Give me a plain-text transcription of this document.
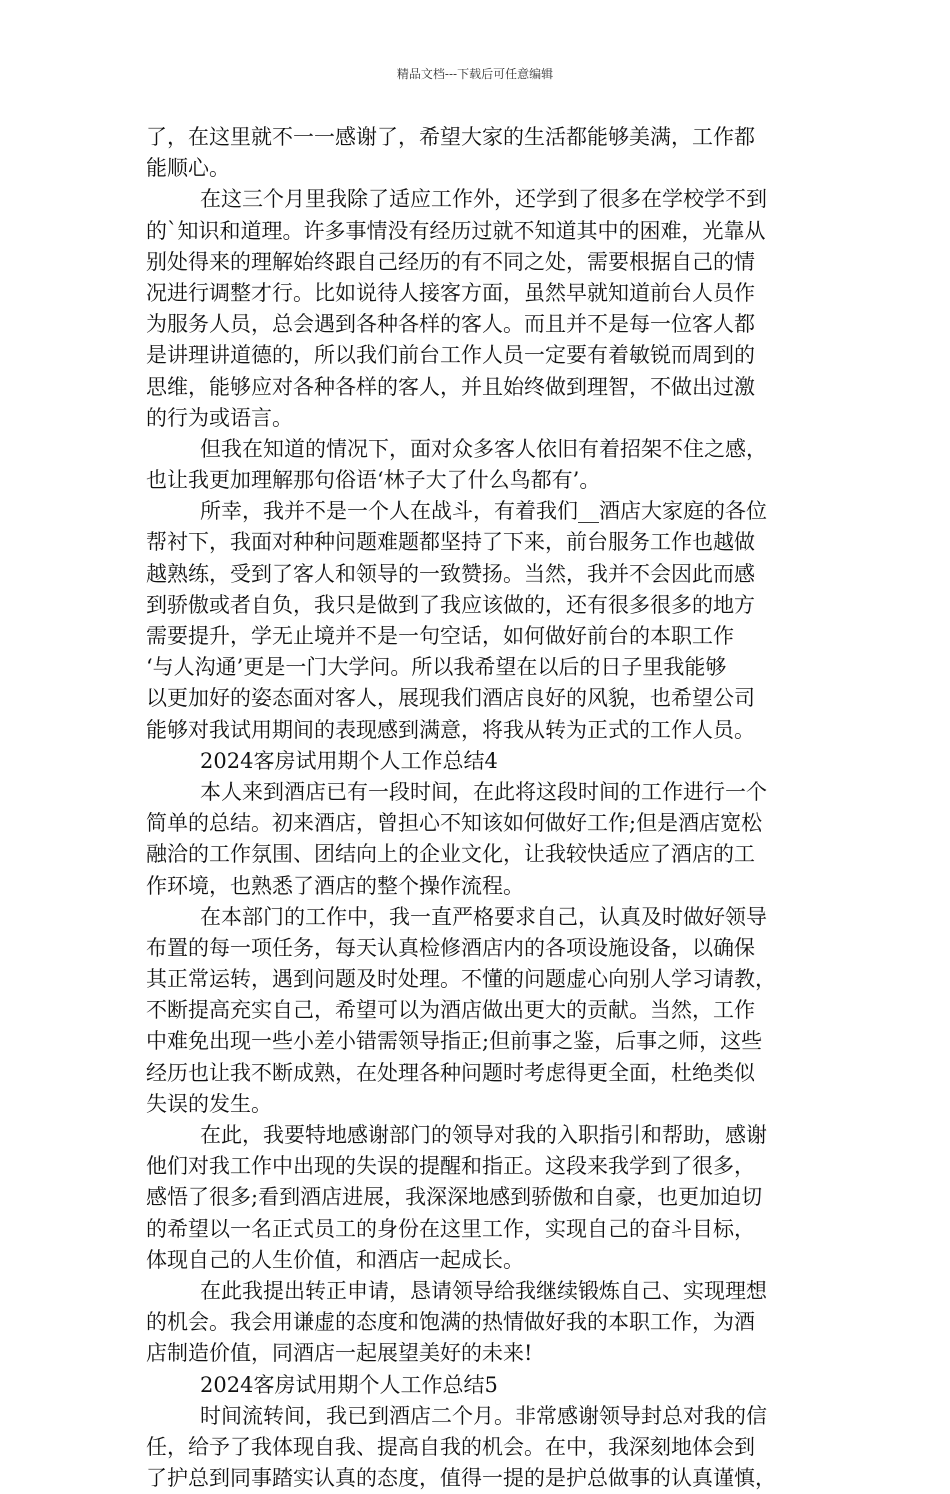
精品文档---下载后可任意编辑
了，在这里就不一一感谢了，希望大家的生活都能够美满，工作都
能顺心。
在这三个月里我除了适应工作外，还学到了很多在学校学不到
的`知识和道理。许多事情没有经历过就不知道其中的困难，光靠从
别处得来的理解始终跟自己经历的有不同之处，需要根据自己的情
况进行调整才行。比如说待人接客方面，虽然早就知道前台人员作
为服务人员，总会遇到各种各样的客人。而且并不是每一位客人都
是讲理讲道德的，所以我们前台工作人员一定要有着敏锐而周到的
思维，能够应对各种各样的客人，并且始终做到理智，不做出过激
的行为或语言。
但我在知道的情况下，面对众多客人依旧有着招架不住之感，
也让我更加理解那句俗语‘林子大了什么鸟都有’。
所幸，我并不是一个人在战斗，有着我们__酒店大家庭的各位
帮衬下，我面对种种问题难题都坚持了下来，前台服务工作也越做
越熟练，受到了客人和领导的一致赞扬。当然，我并不会因此而感
到骄傲或者自负，我只是做到了我应该做的，还有很多很多的地方
需要提升，学无止境并不是一句空话，如何做好前台的本职工作
‘与人沟通’更是一门大学问。所以我希望在以后的日子里我能够
以更加好的姿态面对客人，展现我们酒店良好的风貌，也希望公司
能够对我试用期间的表现感到满意，将我从转为正式的工作人员。
2024客房试用期个人工作总结4
本人来到酒店已有一段时间，在此将这段时间的工作进行一个
简单的总结。初来酒店，曾担心不知该如何做好工作;但是酒店宽松
融洽的工作氛围、团结向上的企业文化，让我较快适应了酒店的工
作环境，也熟悉了酒店的整个操作流程。
在本部门的工作中，我一直严格要求自己，认真及时做好领导
布置的每一项任务，每天认真检修酒店内的各项设施设备，以确保
其正常运转，遇到问题及时处理。不懂的问题虚心向别人学习请教，
不断提高充实自己，希望可以为酒店做出更大的贡献。当然，工作
中难免出现一些小差小错需领导指正;但前事之鉴，后事之师，这些
经历也让我不断成熟，在处理各种问题时考虑得更全面，杜绝类似
失误的发生。
在此，我要特地感谢部门的领导对我的入职指引和帮助，感谢
他们对我工作中出现的失误的提醒和指正。这段来我学到了很多，
感悟了很多;看到酒店进展，我深深地感到骄傲和自豪，也更加迫切
的希望以一名正式员工的身份在这里工作，实现自己的奋斗目标，
体现自己的人生价值，和酒店一起成长。
在此我提出转正申请，恳请领导给我继续锻炼自己、实现理想
的机会。我会用谦虚的态度和饱满的热情做好我的本职工作，为酒
店制造价值，同酒店一起展望美好的未来!
2024客房试用期个人工作总结5
时间流转间，我已到酒店二个月。非常感谢领导封总对我的信
任，给予了我体现自我、提高自我的机会。在中，我深刻地体会到
了护总到同事踏实认真的态度，值得一提的是护总做事的认真谨慎，
